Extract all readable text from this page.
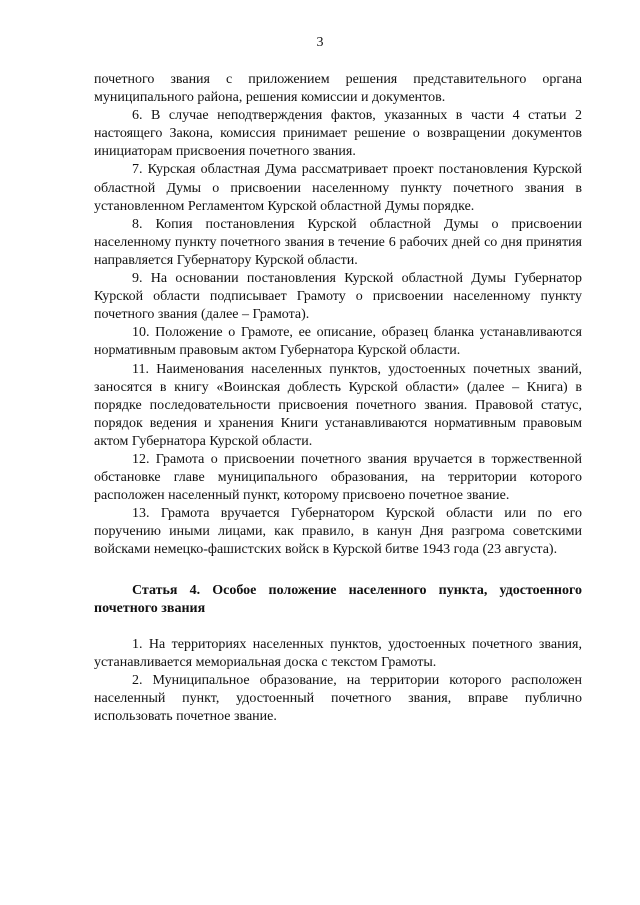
3

почетного звания с приложением решения представительного органа муниципального района, решения комиссии и документов.

6. В случае неподтверждения фактов, указанных в части 4 статьи 2 настоящего Закона, комиссия принимает решение о возвращении документов инициаторам присвоения почетного звания.

7. Курская областная Дума рассматривает проект постановления Курской областной Думы о присвоении населенному пункту почетного звания в установленном Регламентом Курской областной Думы порядке.

8. Копия постановления Курской областной Думы о присвоении населенному пункту почетного звания в течение 6 рабочих дней со дня принятия направляется Губернатору Курской области.

9. На основании постановления Курской областной Думы Губернатор Курской области подписывает Грамоту о присвоении населенному пункту почетного звания (далее – Грамота).

10. Положение о Грамоте, ее описание, образец бланка устанавливаются нормативным правовым актом Губернатора Курской области.

11. Наименования населенных пунктов, удостоенных почетных званий, заносятся в книгу «Воинская доблесть Курской области» (далее – Книга) в порядке последовательности присвоения почетного звания. Правовой статус, порядок ведения и хранения Книги устанавливаются нормативным правовым актом Губернатора Курской области.

12. Грамота о присвоении почетного звания вручается в торжественной обстановке главе муниципального образования, на территории которого расположен населенный пункт, которому присвоено почетное звание.

13. Грамота вручается Губернатором Курской области или по его поручению иными лицами, как правило, в канун Дня разгрома советскими войсками немецко-фашистских войск в Курской битве 1943 года (23 августа).

Статья 4. Особое положение населенного пункта, удостоенного почетного звания

1. На территориях населенных пунктов, удостоенных почетного звания, устанавливается мемориальная доска с текстом Грамоты.

2. Муниципальное образование, на территории которого расположен населенный пункт, удостоенный почетного звания, вправе публично использовать почетное звание.
